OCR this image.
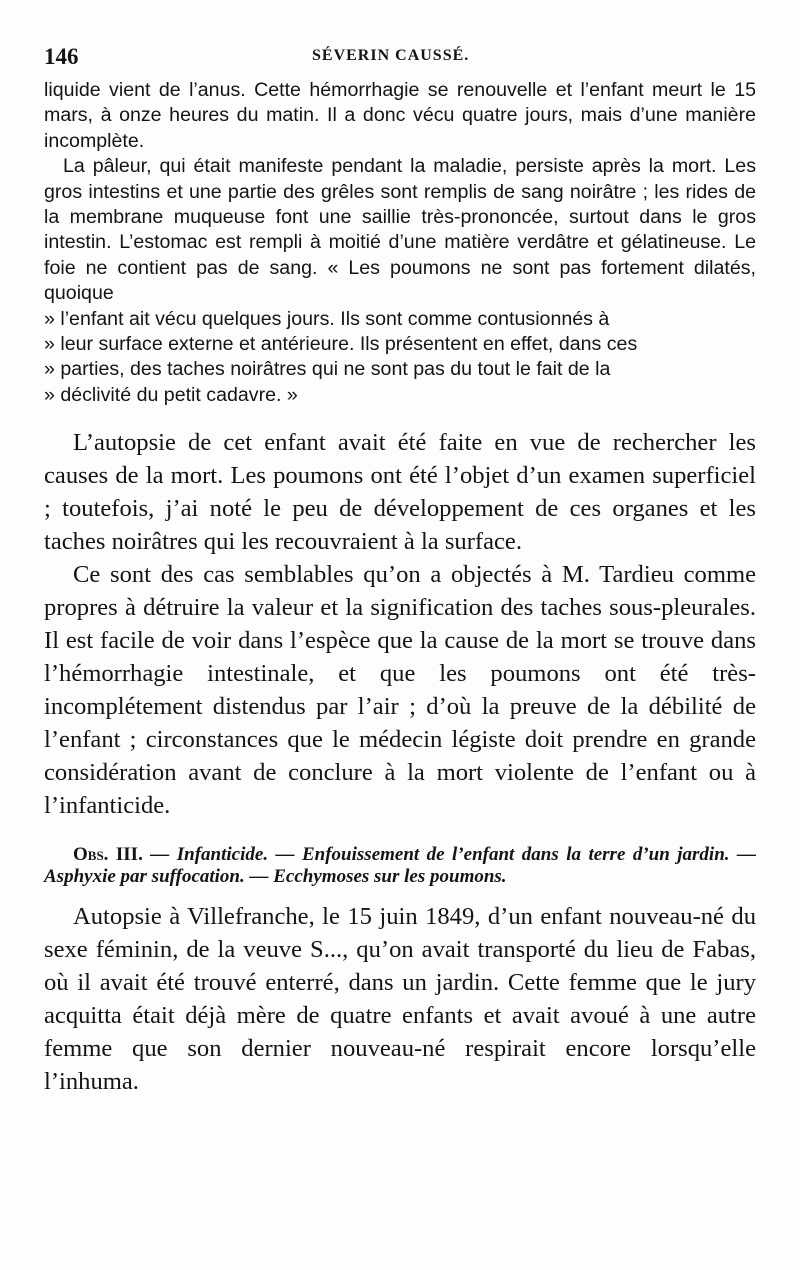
146	SÉVERIN CAUSSÉ.

liquide vient de l’anus. Cette hémorrhagie se renouvelle et l’enfant meurt le 15 mars, à onze heures du matin. Il a donc vécu quatre jours, mais d’une manière incomplète.

La pâleur, qui était manifeste pendant la maladie, persiste après la mort. Les gros intestins et une partie des grêles sont remplis de sang noirâtre ; les rides de la membrane muqueuse font une saillie très-prononcée, surtout dans le gros intestin. L’estomac est rempli à moitié d’une matière verdâtre et gélatineuse. Le foie ne contient pas de sang. « Les poumons ne sont pas fortement dilatés, quoique

» l’enfant ait vécu quelques jours. Ils sont comme contusionnés à
» leur surface externe et antérieure. Ils présentent en effet, dans ces
» parties, des taches noirâtres qui ne sont pas du tout le fait de la
» déclivité du petit cadavre. »

L’autopsie de cet enfant avait été faite en vue de rechercher les causes de la mort. Les poumons ont été l’objet d’un examen superficiel ; toutefois, j’ai noté le peu de développement de ces organes et les taches noirâtres qui les recouvraient à la surface.

Ce sont des cas semblables qu’on a objectés à M. Tardieu comme propres à détruire la valeur et la signification des taches sous-pleurales. Il est facile de voir dans l’espèce que la cause de la mort se trouve dans l’hémorrhagie intestinale, et que les poumons ont été très-incomplétement distendus par l’air ; d’où la preuve de la débilité de l’enfant ; circonstances que le médecin légiste doit prendre en grande considération avant de conclure à la mort violente de l’enfant ou à l’infanticide.

Obs. III. — Infanticide. — Enfouissement de l’enfant dans la terre d’un jardin. — Asphyxie par suffocation. — Ecchymoses sur les poumons.

Autopsie à Villefranche, le 15 juin 1849, d’un enfant nouveau-né du sexe féminin, de la veuve S..., qu’on avait transporté du lieu de Fabas, où il avait été trouvé enterré, dans un jardin. Cette femme que le jury acquitta était déjà mère de quatre enfants et avait avoué à une autre femme que son dernier nouveau-né respirait encore lorsqu’elle l’inhuma.
